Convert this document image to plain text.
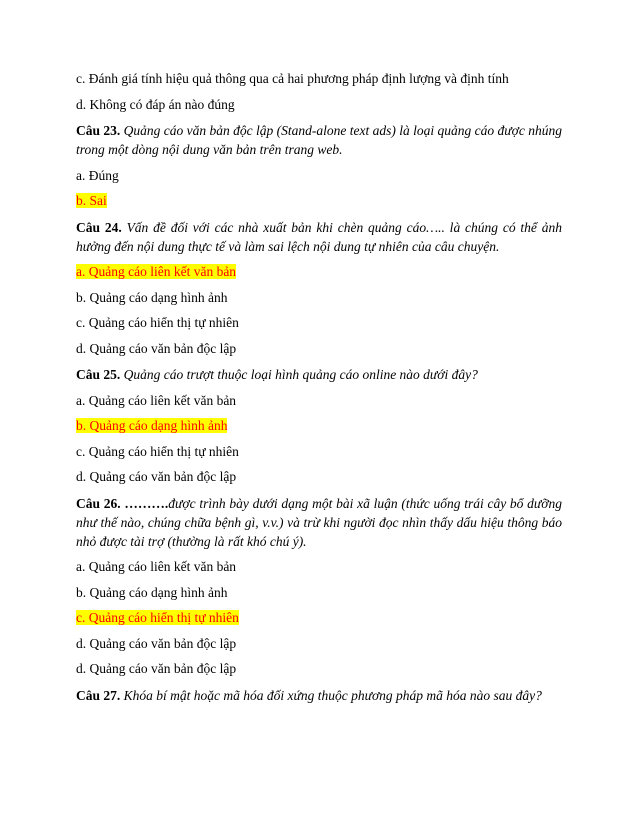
c. Đánh giá tính hiệu quả thông qua cả hai phương pháp định lượng và định tính
d. Không có đáp án nào đúng
Câu 23. Quảng cáo văn bản độc lập (Stand-alone text ads) là loại quảng cáo được nhúng trong một dòng nội dung văn bản trên trang web.
a. Đúng
b. Sai
Câu 24. Vấn đề đối với các nhà xuất bản khi chèn quảng cáo….. là chúng có thể ảnh hưởng đến nội dung thực tế và làm sai lệch nội dung tự nhiên của câu chuyện.
a. Quảng cáo liên kết văn bản
b. Quảng cáo dạng hình ảnh
c. Quảng cáo hiển thị tự nhiên
d. Quảng cáo văn bản độc lập
Câu 25. Quảng cáo trượt thuộc loại hình quảng cáo online nào dưới đây?
a. Quảng cáo liên kết văn bản
b. Quảng cáo dạng hình ảnh
c. Quảng cáo hiển thị tự nhiên
d. Quảng cáo văn bản độc lập
Câu 26. ……….được trình bày dưới dạng một bài xã luận (thức uống trái cây bổ dưỡng như thế nào, chúng chữa bệnh gì, v.v.) và trừ khi người đọc nhìn thấy dấu hiệu thông báo nhỏ được tài trợ (thường là rất khó chú ý).
a. Quảng cáo liên kết văn bản
b. Quảng cáo dạng hình ảnh
c. Quảng cáo hiển thị tự nhiên
d. Quảng cáo văn bản độc lập
d. Quảng cáo văn bản độc lập
Câu 27. Khóa bí mật hoặc mã hóa đối xứng thuộc phương pháp mã hóa nào sau đây?
